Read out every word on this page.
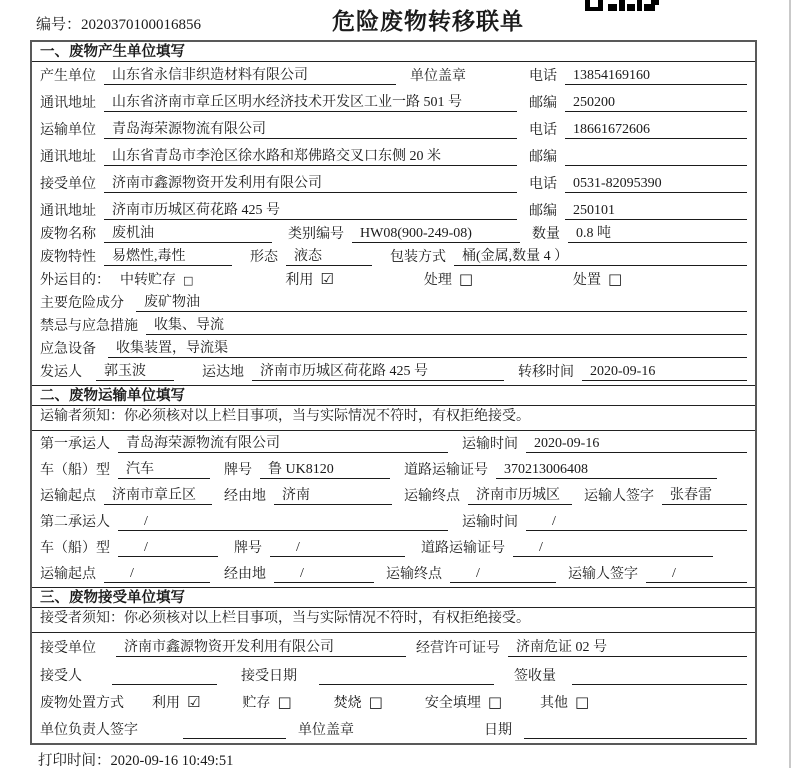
编号：2020370100016856	危险废物转移联单
一、废物产生单位填写
产生单位	山东省永信非织造材料有限公司	单位盖章	电话	13854169160
通讯地址	山东省济南市章丘区明水经济技术开发区工业一路 501 号	邮编	250200
运输单位	青岛海荣源物流有限公司	电话	18661672606
通讯地址	山东省青岛市李沧区徐水路和郑佛路交叉口东侧 20 米	邮编
接受单位	济南市鑫源物资开发利用有限公司	电话	0531-82095390
通讯地址	济南市历城区荷花路 425 号	邮编	250101
废物名称	废机油	类别编号	HW08(900-249-08)	数量	0.8 吨
废物特性	易燃性,毒性	形态	液态	包装方式	桶(金属,数量 4 ）
外运目的： 中转贮存 □	利用 ☑	处理 □	处置 □
主要危险成分	废矿物油
禁忌与应急措施	收集、导流
应急设备	收集装置，导流渠
发运人	郭玉波	运达地	济南市历城区荷花路 425 号	转移时间	2020-09-16
二、废物运输单位填写
运输者须知：你必须核对以上栏目事项，当与实际情况不符时，有权拒绝接受。
第一承运人	青岛海荣源物流有限公司	运输时间	2020-09-16
车（船）型	汽车	牌号	鲁 UK8120	道路运输证号	370213006408
运输起点	济南市章丘区	经由地	济南	运输终点	济南市历城区	运输人签字	张春雷
第二承运人	/	运输时间	/
车（船）型	/	牌号	/	道路运输证号	/
运输起点	/	经由地	/	运输终点	/	运输人签字	/
三、废物接受单位填写
接受者须知：你必须核对以上栏目事项，当与实际情况不符时，有权拒绝接受。
接受单位	济南市鑫源物资开发利用有限公司	经营许可证号	济南危证 02 号
接受人	接受日期	签收量
废物处置方式 利用 ☑	贮存 □	焚烧 □	安全填埋 □	其他 □
单位负责人签字	单位盖章	日期
打印时间：2020-09-16 10:49:51
